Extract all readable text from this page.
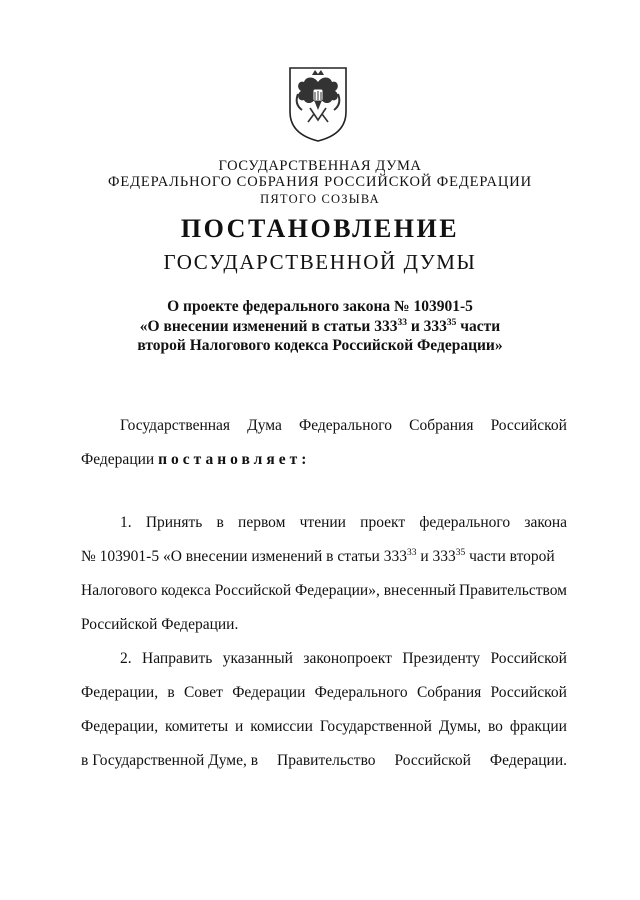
ГОСУДАРСТВЕННАЯ ДУМА
ФЕДЕРАЛЬНОГО СОБРАНИЯ РОССИЙСКОЙ ФЕДЕРАЦИИ
ПЯТОГО СОЗЫВА
ПОСТАНОВЛЕНИЕ
ГОСУДАРСТВЕННОЙ ДУМЫ
О проекте федерального закона № 103901-5
«О внесении изменений в статьи $333^{33}$ и $333^{35}$ части
второй Налогового кодекса Российской Федерации»
Государственная Дума Федерального Собрания Российской
Федерации постановляет:
1. Принять в первом чтении проект федерального закона
№ 103901-5 «О внесении изменений в статьи $333^{33}$ и $333^{35}$ части второй
Налогового кодекса Российской Федерации», внесенный Правительством
Российской Федерации.
2. Направить указанный законопроект Президенту Российской
Федерации, в Совет Федерации Федерального Собрания Российской
Федерации, комитеты и комиссии Государственной Думы, во фракции
в Государственной Думе, в Правительство Российской Федерации.
